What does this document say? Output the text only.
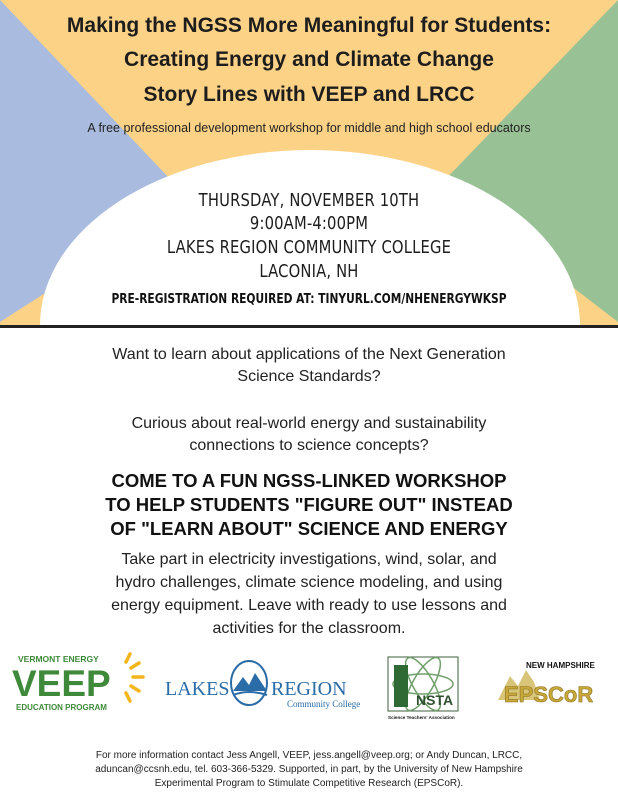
Making the NGSS More Meaningful for Students:

Creating Energy and Climate Change

Story Lines with VEEP and LRCC

A free professional development workshop for middle and high school educators

THURSDAY, NOVEMBER 10TH

9:00AM-4:00PM

LAKES REGION COMMUNITY COLLEGE

LACONIA, NH

PRE-REGISTRATION REQUIRED AT: TINYURL.COM/NHENERGYWKSP

Want to learn about applications of the Next Generation

Science Standards?

Curious about real-world energy and sustainability

connections to science concepts?

COME TO A FUN NGSS-LINKED WORKSHOP

TO HELP STUDENTS "FIGURE OUT" INSTEAD

OF "LEARN ABOUT" SCIENCE AND ENERGY

Take part in electricity investigations, wind, solar, and

hydro challenges, climate science modeling, and using

energy equipment. Leave with ready to use lessons and

activities for the classroom.

VERMONT ENERGY
VEEP
EDUCATION PROGRAM
LAKES REGION
Community College	NSTA
Science Teachers' Association
NEW HAMPSHIRE
EPSCoR

For more information contact Jess Angell, VEEP, jess.angell@veep.org; or Andy Duncan, LRCC,

aduncan@ccsnh.edu, tel. 603-366-5329. Supported, in part, by the University of New Hampshire

Experimental Program to Stimulate Competitive Research (EPSCoR).
